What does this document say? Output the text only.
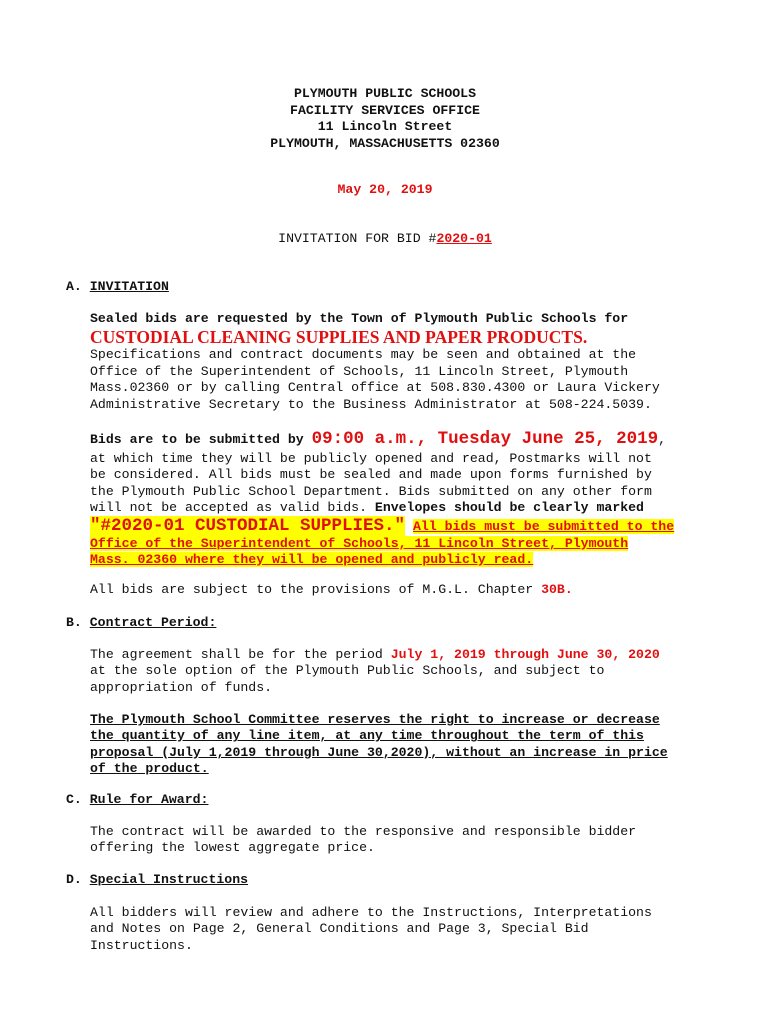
PLYMOUTH PUBLIC SCHOOLS
FACILITY SERVICES OFFICE
11 Lincoln Street
PLYMOUTH, MASSACHUSETTS 02360
May 20, 2019
INVITATION FOR BID #2020-01
A. INVITATION
Sealed bids are requested by the Town of Plymouth Public Schools for
CUSTODIAL CLEANING SUPPLIES AND PAPER PRODUCTS.
Specifications and contract documents may be seen and obtained at the
Office of the Superintendent of Schools, 11 Lincoln Street, Plymouth
Mass.02360 or by calling Central office at 508.830.4300 or Laura Vickery
Administrative Secretary to the Business Administrator at 508-224.5039.
Bids are to be submitted by 09:00 a.m., Tuesday June 25, 2019,
at which time they will be publicly opened and read, Postmarks will not
be considered. All bids must be sealed and made upon forms furnished by
the Plymouth Public School Department. Bids submitted on any other form
will not be accepted as valid bids. Envelopes should be clearly marked
"#2020-01 CUSTODIAL SUPPLIES." All bids must be submitted to the
Office of the Superintendent of Schools, 11 Lincoln Street, Plymouth
Mass. 02360 where they will be opened and publicly read.
All bids are subject to the provisions of M.G.L. Chapter 30B.
B. Contract Period:
The agreement shall be for the period July 1, 2019 through June 30, 2020
at the sole option of the Plymouth Public Schools, and subject to
appropriation of funds.
The Plymouth School Committee reserves the right to increase or decrease
the quantity of any line item, at any time throughout the term of this
proposal (July 1,2019 through June 30,2020), without an increase in price
of the product.
C. Rule for Award:
The contract will be awarded to the responsive and responsible bidder
offering the lowest aggregate price.
D. Special Instructions
All bidders will review and adhere to the Instructions, Interpretations
and Notes on Page 2, General Conditions and Page 3, Special Bid
Instructions.
